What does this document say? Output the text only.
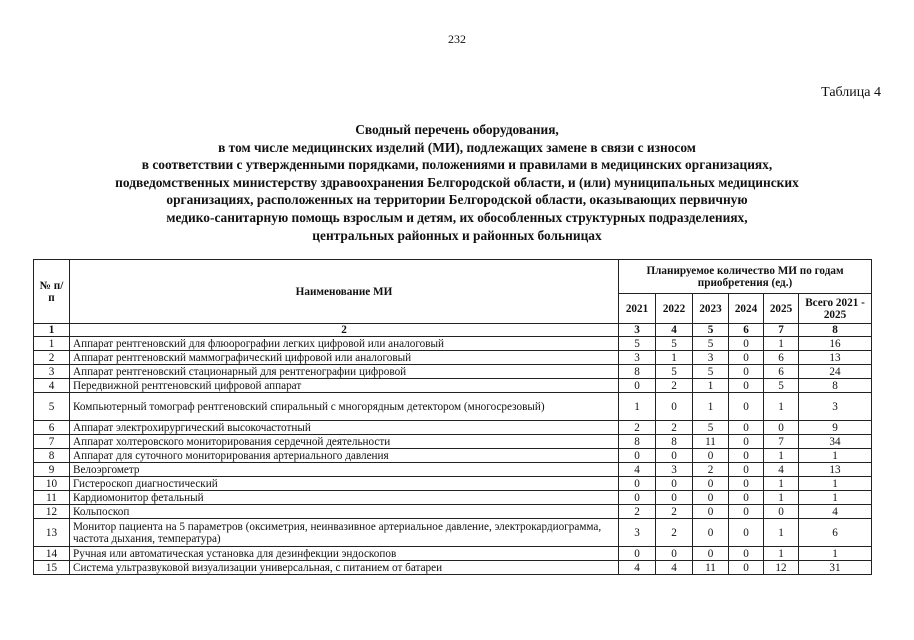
232
Таблица 4
Сводный перечень оборудования,
в том числе медицинских изделий (МИ), подлежащих замене в связи с износом
в соответствии с утвержденными порядками, положениями и правилами в медицинских организациях,
подведомственных министерству здравоохранения Белгородской области, и (или) муниципальных медицинских
организациях, расположенных на территории Белгородской области, оказывающих первичную
медико-санитарную помощь взрослым и детям, их обособленных структурных подразделениях,
центральных районных и районных больницах
№ п/п	Наименование МИ	Планируемое количество МИ по годам приобретения (ед.)					
		2021	2022	2023	2024	2025	Всего 2021 - 2025
1	2	3	4	5	6	7	8
1	Аппарат рентгеновский для флюорографии легких цифровой или аналоговый	5	5	5	0	1	16
2	Аппарат рентгеновский маммографический цифровой или аналоговый	3	1	3	0	6	13
3	Аппарат рентгеновский стационарный для рентгенографии цифровой	8	5	5	0	6	24
4	Передвижной рентгеновский цифровой аппарат	0	2	1	0	5	8
5	Компьютерный томограф рентгеновский спиральный с многорядным детектором (многосрезовый)	1	0	1	0	1	3
6	Аппарат электрохирургический высокочастотный	2	2	5	0	0	9
7	Аппарат холтеровского мониторирования сердечной деятельности	8	8	11	0	7	34
8	Аппарат для суточного мониторирования артериального давления	0	0	0	0	1	1
9	Велоэргометр	4	3	2	0	4	13
10	Гистероскоп диагностический	0	0	0	0	1	1
11	Кардиомонитор фетальный	0	0	0	0	1	1
12	Кольпоскоп	2	2	0	0	0	4
13	Монитор пациента на 5 параметров (оксиметрия, неинвазивное артериальное давление, электрокардиограмма, частота дыхания, температура)	3	2	0	0	1	6
14	Ручная или автоматическая установка для дезинфекции эндоскопов	0	0	0	0	1	1
15	Система ультразвуковой визуализации универсальная, с питанием от батареи	4	4	11	0	12	31
